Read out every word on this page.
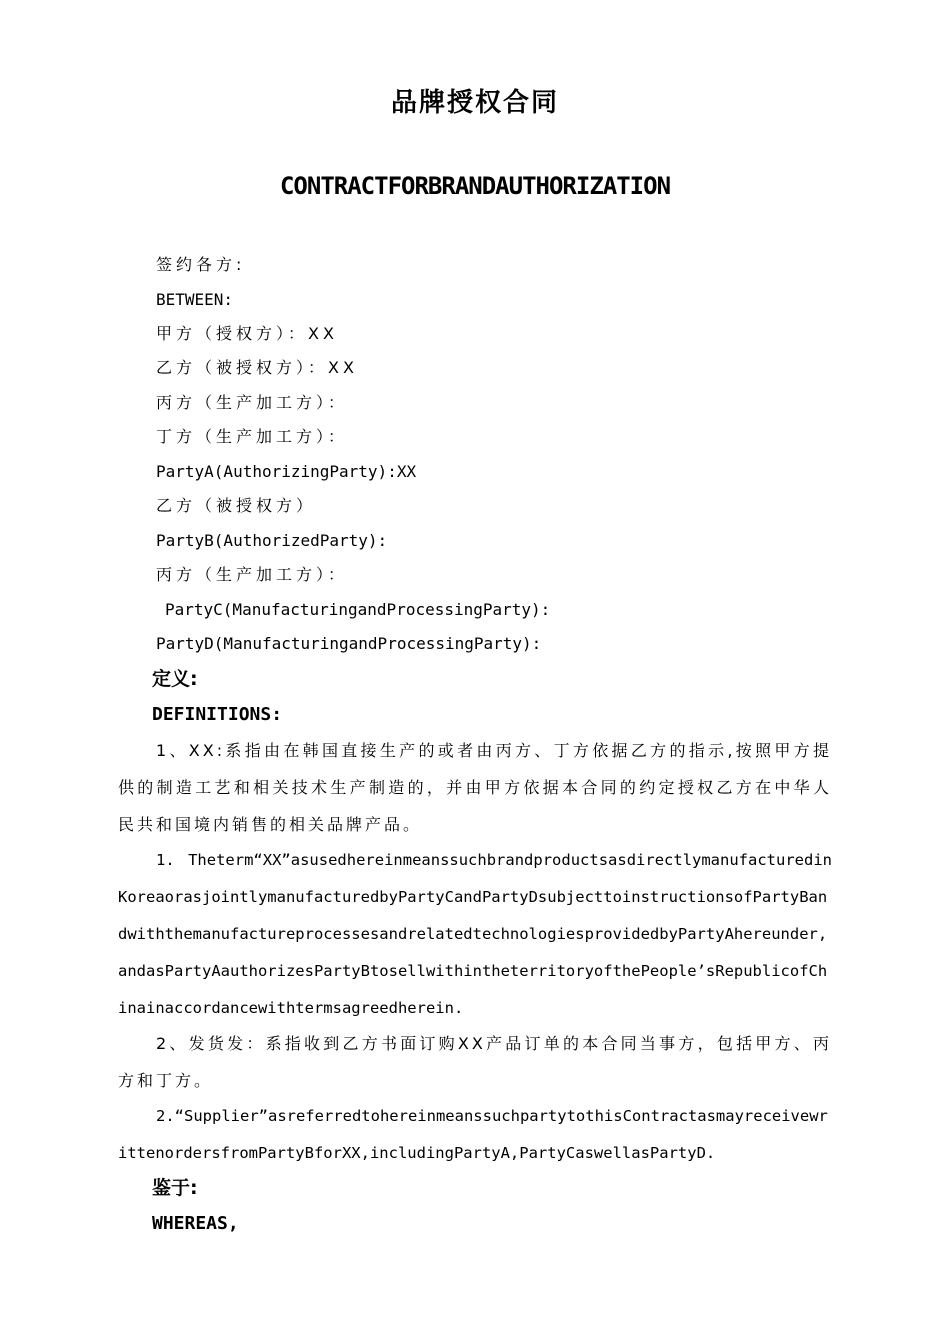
品牌授权合同
CONTRACTFORBRANDAUTHORIZATION
签约各方:
BETWEEN:
甲方（授权方）：XX
乙方（被授权方）：XX
丙方（生产加工方）：
丁方（生产加工方）：
PartyA(AuthorizingParty):XX
乙方（被授权方）
PartyB(AuthorizedParty):
丙方（生产加工方）：
PartyC(ManufacturingandProcessingParty):
PartyD(ManufacturingandProcessingParty):
定义:
DEFINITIONS:
1、XX:系指由在韩国直接生产的或者由丙方、丁方依据乙方的指示,按照甲方提供的制造工艺和相关技术生产制造的，并由甲方依据本合同的约定授权乙方在中华人民共和国境内销售的相关品牌产品。
1. Theterm“XX”asusedhereinmeanssuchbrandproductsasdirectlymanufacturedinKoreaorasjointlymanufacturedbyPartyCandPartyDsubjecttoinstructionsofPartyBandwiththemanufactureprocessesandrelatedtechnologiesprovidedbyPartyAhereunder,andasPartyAauthorizesPartyBtosellwithintheterritoryofthePeople’sRepublicofChinainaccordancewithtermsagreedherein.
2、发货发：系指收到乙方书面订购XX产品订单的本合同当事方，包括甲方、丙方和丁方。
2.“Supplier”asreferredtohereinmeanssuchpartytothisContractasmayreceivewrittenordersfromPartyBforXX,includingPartyA,PartyCaswellasPartyD.
鉴于:
WHEREAS,
